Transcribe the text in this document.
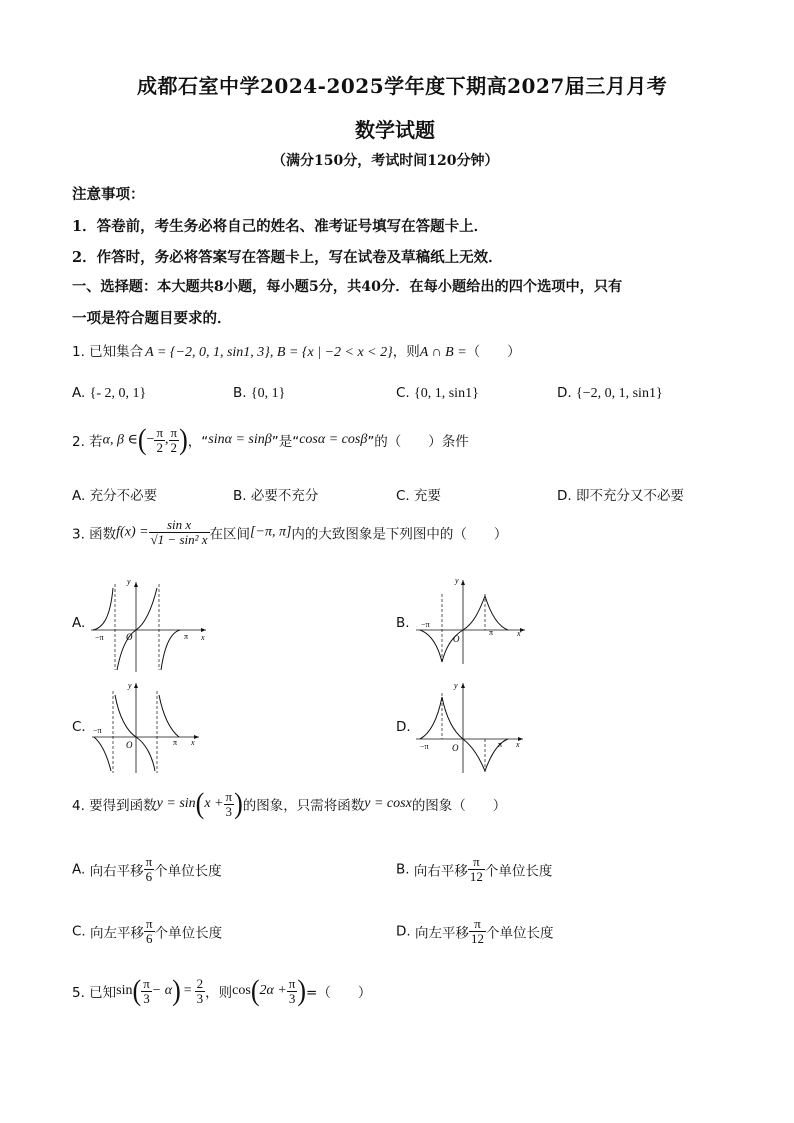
成都石室中学2024-2025学年度下期高2027届三月月考
数学试题
（满分150分，考试时间120分钟）
注意事项：
1．答卷前，考生务必将自己的姓名、准考证号填写在答题卡上．
2．作答时，务必将答案写在答题卡上，写在试卷及草稿纸上无效．
一、选择题：本大题共8小题，每小题5分，共40分．在每小题给出的四个选项中，只有
一项是符合题目要求的．
1. 已知集合 A = {−2, 0, 1, sin1, 3}, B = {x | −2 < x < 2}，则A ∩ B =（　　）
A. {- 2, 0, 1}	B. {0, 1}	C. {0, 1, sin1}	D. {−2, 0, 1, sin1}
2. 若α, β ∈(− $\frac{\pi}{2}$ , $\frac{\pi}{2}$ )，“sinα = sinβ”是“cosα = cosβ”的（　　）条件
A. 充分不必要	B. 必要不充分	C. 充要	D. 即不充分又不必要
3. 函数$f(x) = \frac{\text{sin x}}{\text{√1 − sin² x}}$ 在区间[−π, π]内的大致图象是下列图中的（　　）
A.	B.
C.	D.
O
y
x
−π	π	O
y
x
−π
π
O
y
x
−π
π
O
y
x
−π	π
4. 要得到函数$y = \sin(x + \frac{\pi}{3}$ )的图象，只需将函数y = cosx的图象（　　）
A. 向右平移 $\frac{\pi}{6}$ 个单位长度	B. 向右平移 $\frac{\pi}{12}$ 个单位长度
C. 向左平移 $\frac{\pi}{6}$ 个单位长度	D. 向左平移 $\frac{\pi}{12}$ 个单位长度
5. 已知$\sin( \frac{\pi}{3} - \alpha) = \frac{2}{3}$ ，则$\cos(2\alpha + \frac{\pi}{3}$ )=（　　）
